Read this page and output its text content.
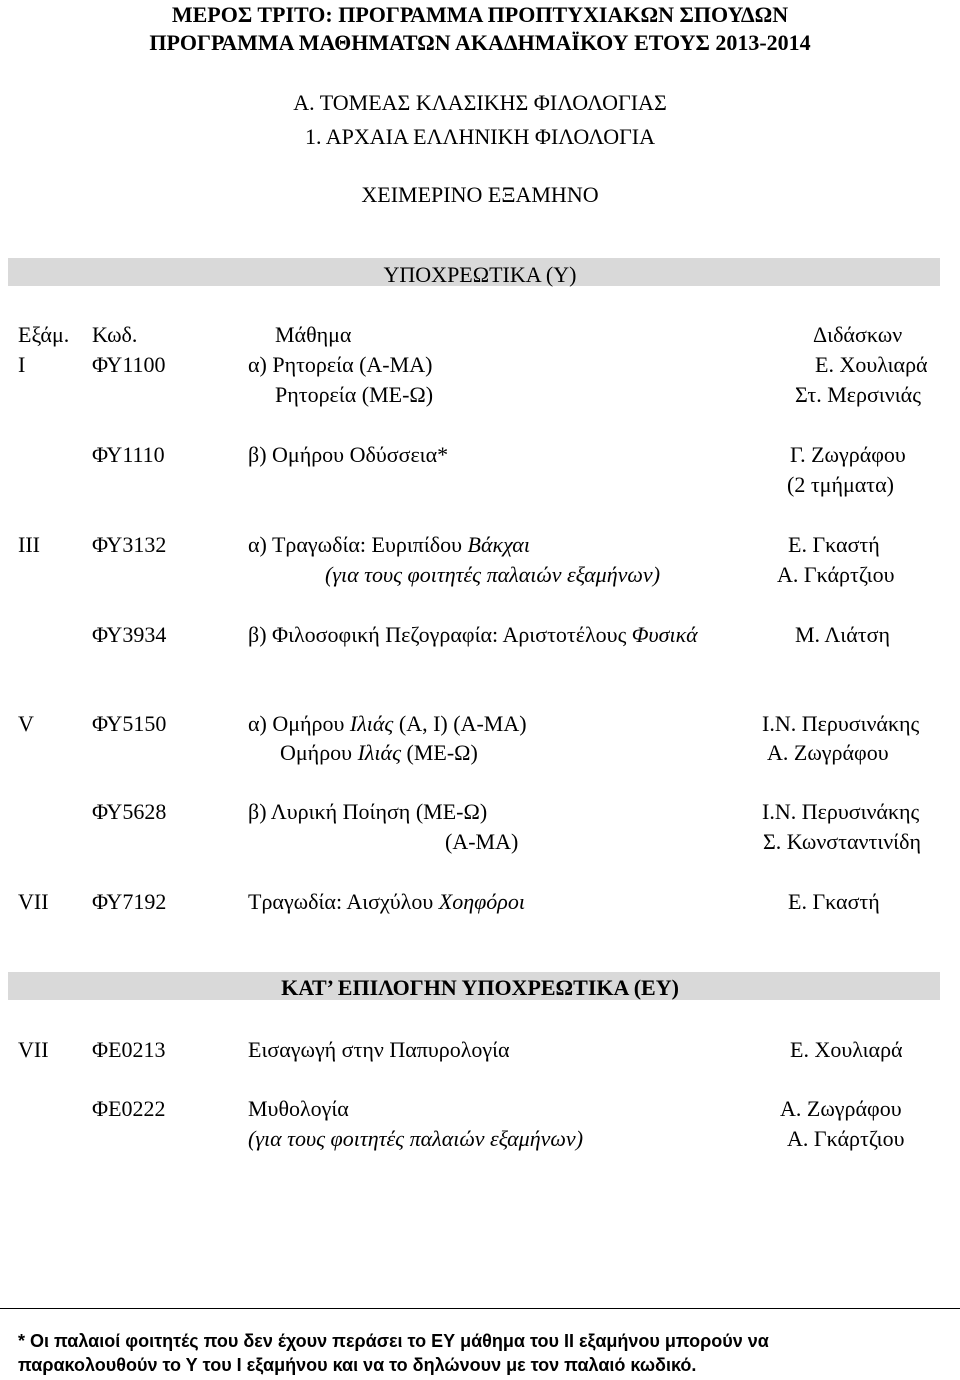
ΜΕΡΟΣ ΤΡΙΤΟ: ΠΡΟΓΡΑΜΜΑ ΠΡΟΠΤΥΧΙΑΚΩΝ ΣΠΟΥΔΩΝ
ΠΡΟΓΡΑΜΜΑ ΜΑΘΗΜΑΤΩΝ ΑΚΑΔΗΜΑΪΚΟΥ ΕΤΟΥΣ 2013-2014
Α. ΤΟΜΕΑΣ ΚΛΑΣΙΚΗΣ ΦΙΛΟΛΟΓΙΑΣ
1. ΑΡΧΑΙΑ ΕΛΛΗΝΙΚΗ ΦΙΛΟΛΟΓΙΑ
ΧΕΙΜΕΡΙΝΟ ΕΞΑΜΗΝΟ
ΥΠΟΧΡΕΩΤΙΚΑ (Υ)
Εξάμ. Κωδ.	Μάθημα	Διδάσκων
Ι	ΦΥ1100	α) Ρητορεία (Α-ΜΑ)	Ε. Χουλιαρά
Ρητορεία (ΜΕ-Ω)	Στ. Μερσινιάς
ΦΥ1110	β) Ομήρου Οδύσσεια*	Γ. Ζωγράφου
(2 τμήματα)
ΙΙΙ ΦΥ3132	α) Τραγωδία: Ευριπίδου Βάκχαι	Ε. Γκαστή
(για τους φοιτητές παλαιών εξαμήνων)	Α. Γκάρτζιου
ΦΥ3934	β) Φιλοσοφική Πεζογραφία: Αριστοτέλους Φυσικά	Μ. Λιάτση
V	ΦΥ5150	α) Ομήρου Ιλιάς (Α, Ι) (Α-ΜΑ)	Ι.Ν. Περυσινάκης
Ομήρου Ιλιάς (ΜΕ-Ω)	Α. Ζωγράφου
ΦΥ5628	β) Λυρική Ποίηση (ΜΕ-Ω)	Ι.Ν. Περυσινάκης
(Α-ΜΑ)	Σ. Κωνσταντινίδη
VII ΦΥ7192	Τραγωδία: Αισχύλου Χοηφόροι	Ε. Γκαστή
ΚΑΤ’ ΕΠΙΛΟΓΗΝ ΥΠΟΧΡΕΩΤΙΚΑ (ΕΥ)
VII ΦΕ0213	Εισαγωγή στην Παπυρολογία	Ε. Χουλιαρά
ΦΕ0222	Μυθολογία	Α. Ζωγράφου
(για τους φοιτητές παλαιών εξαμήνων)	Α. Γκάρτζιου
* Οι παλαιοί φοιτητές που δεν έχουν περάσει το ΕΥ μάθημα του ΙΙ εξαμήνου μπορούν να
παρακολουθούν το Υ του Ι εξαμήνου και να το δηλώνουν με τον παλαιό κωδικό.
